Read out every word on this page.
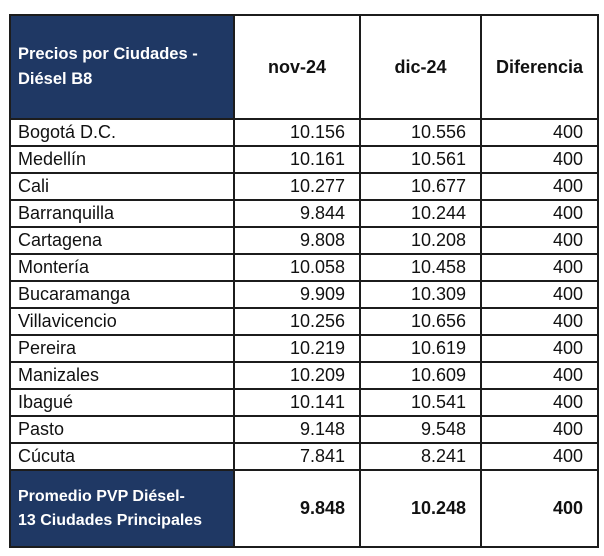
Precios por Ciudades -
Diésel B8	nov-24	dic-24	Diferencia
Bogotá D.C.	10.156	10.556	400
Medellín	10.161	10.561	400
Cali	10.277	10.677	400
Barranquilla	9.844	10.244	400
Cartagena	9.808	10.208	400
Montería	10.058	10.458	400
Bucaramanga	9.909	10.309	400
Villavicencio	10.256	10.656	400
Pereira	10.219	10.619	400
Manizales	10.209	10.609	400
Ibagué	10.141	10.541	400
Pasto	9.148	9.548	400
Cúcuta	7.841	8.241	400

Promedio PVP Diésel-
13 Ciudades Principales	9.848	10.248	400
